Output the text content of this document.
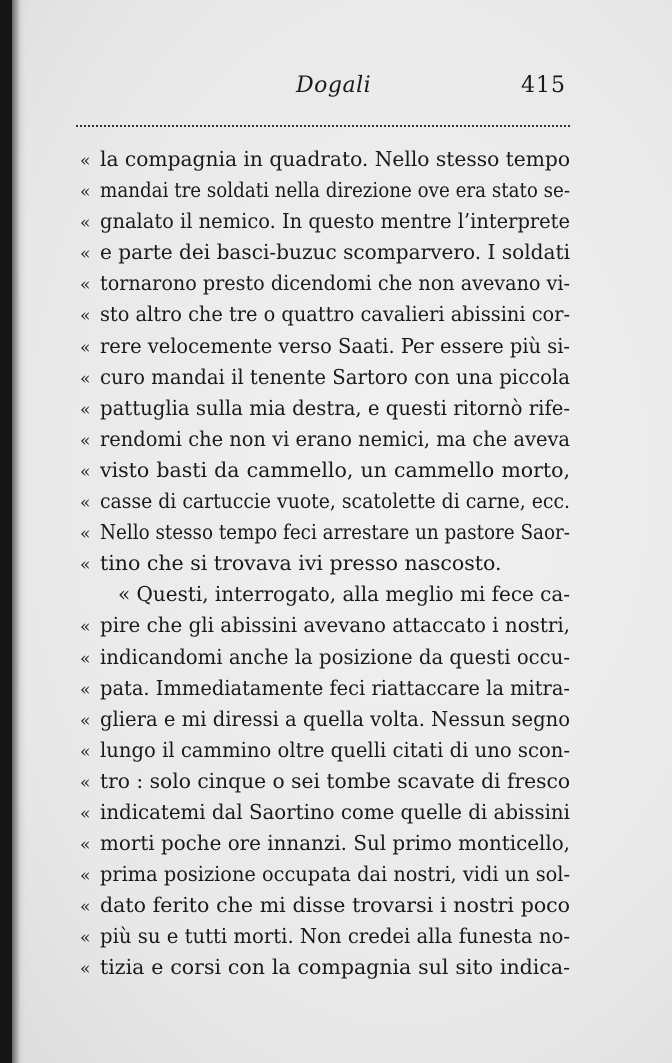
Dogali	415
« la compagnia in quadrato. Nello stesso tempo
« mandai tre soldati nella direzione ove era stato se-
« gnalato il nemico. In questo mentre l’interprete
« e parte dei basci-buzuc scomparvero. I soldati
« tornarono presto dicendomi che non avevano vi-
« sto altro che tre o quattro cavalieri abissini cor-
« rere velocemente verso Saati. Per essere più si-
« curo mandai il tenente Sartoro con una piccola
« pattuglia sulla mia destra, e questi ritornò rife-
« rendomi che non vi erano nemici, ma che aveva
« visto basti da cammello, un cammello morto,
« casse di cartuccie vuote, scatolette di carne, ecc.
« Nello stesso tempo feci arrestare un pastore Saor-
« tino che si trovava ivi presso nascosto.
« Questi, interrogato, alla meglio mi fece ca-
« pire che gli abissini avevano attaccato i nostri,
« indicandomi anche la posizione da questi occu-
« pata. Immediatamente feci riattaccare la mitra-
« gliera e mi diressi a quella volta. Nessun segno
« lungo il cammino oltre quelli citati di uno scon-
« tro : solo cinque o sei tombe scavate di fresco
« indicatemi dal Saortino come quelle di abissini
« morti poche ore innanzi. Sul primo monticello,
« prima posizione occupata dai nostri, vidi un sol-
« dato ferito che mi disse trovarsi i nostri poco
« più su e tutti morti. Non credei alla funesta no-
« tizia e corsi con la compagnia sul sito indica-
